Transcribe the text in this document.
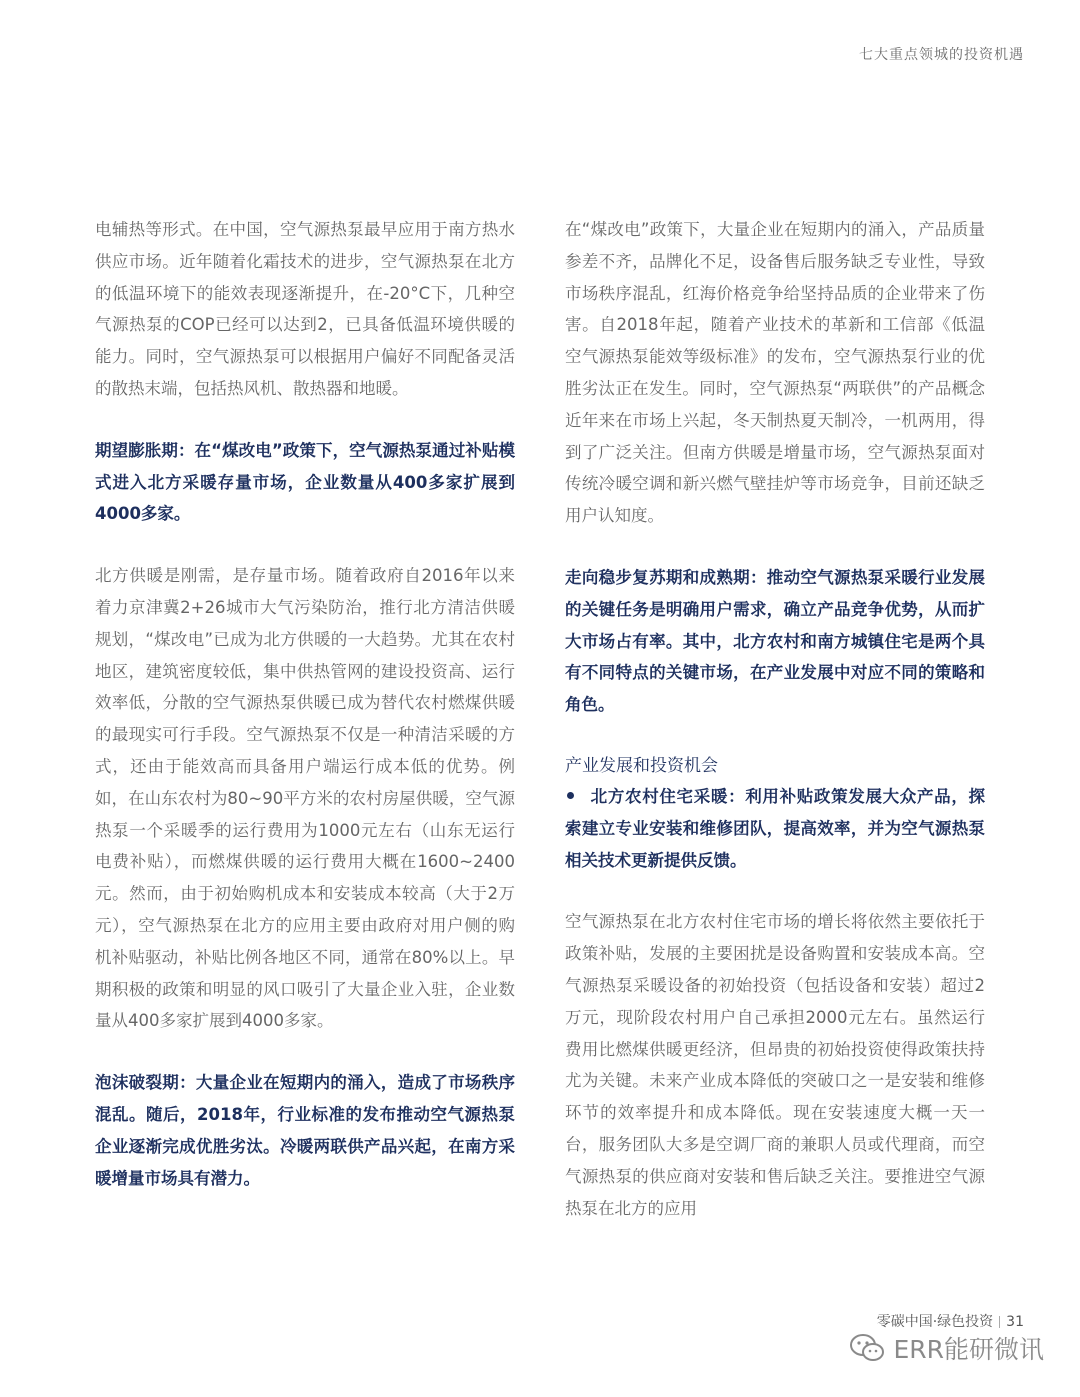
七大重点领城的投资机遇

电辅热等形式。在中国，空气源热泵最早应用于南方热水供应市场。近年随着化霜技术的进步，空气源热泵在北方的低温环境下的能效表现逐渐提升，在-20°C下，几种空气源热泵的COP已经可以达到2，已具备低温环境供暖的能力。同时，空气源热泵可以根据用户偏好不同配备灵活的散热末端，包括热风机、散热器和地暖。

期望膨胀期：在“煤改电”政策下，空气源热泵通过补贴模式进入北方采暖存量市场，企业数量从400多家扩展到4000多家。

北方供暖是刚需，是存量市场。随着政府自2016年以来着力京津冀2+26城市大气污染防治，推行北方清洁供暖规划，“煤改电”已成为北方供暖的一大趋势。尤其在农村地区，建筑密度较低，集中供热管网的建设投资高、运行效率低，分散的空气源热泵供暖已成为替代农村燃煤供暖的最现实可行手段。空气源热泵不仅是一种清洁采暖的方式，还由于能效高而具备用户端运行成本低的优势。例如，在山东农村为80~90平方米的农村房屋供暖，空气源热泵一个采暖季的运行费用为1000元左右（山东无运行电费补贴），而燃煤供暖的运行费用大概在1600~2400元。然而，由于初始购机成本和安装成本较高（大于2万元），空气源热泵在北方的应用主要由政府对用户侧的购机补贴驱动，补贴比例各地区不同，通常在80%以上。早期积极的政策和明显的风口吸引了大量企业入驻，企业数量从400多家扩展到4000多家。

泡沫破裂期：大量企业在短期内的涌入，造成了市场秩序混乱。随后，2018年，行业标准的发布推动空气源热泵企业逐渐完成优胜劣汰。冷暖两联供产品兴起，在南方采暖增量市场具有潜力。

在“煤改电”政策下，大量企业在短期内的涌入，产品质量参差不齐，品牌化不足，设备售后服务缺乏专业性，导致市场秩序混乱，红海价格竞争给坚持品质的企业带来了伤害。自2018年起，随着产业技术的革新和工信部《低温空气源热泵能效等级标准》的发布，空气源热泵行业的优胜劣汰正在发生。同时，空气源热泵“两联供”的产品概念近年来在市场上兴起，冬天制热夏天制冷，一机两用，得到了广泛关注。但南方供暖是增量市场，空气源热泵面对传统冷暖空调和新兴燃气壁挂炉等市场竞争，目前还缺乏用户认知度。

走向稳步复苏期和成熟期：推动空气源热泵采暖行业发展的关键任务是明确用户需求，确立产品竞争优势，从而扩大市场占有率。其中，北方农村和南方城镇住宅是两个具有不同特点的关键市场，在产业发展中对应不同的策略和角色。

产业发展和投资机会

北方农村住宅采暖：利用补贴政策发展大众产品，探索建立专业安装和维修团队，提高效率，并为空气源热泵相关技术更新提供反馈。

空气源热泵在北方农村住宅市场的增长将依然主要依托于政策补贴，发展的主要困扰是设备购置和安装成本高。空气源热泵采暖设备的初始投资（包括设备和安装）超过2万元，现阶段农村用户自己承担2000元左右。虽然运行费用比燃煤供暖更经济，但昂贵的初始投资使得政策扶持尤为关键。未来产业成本降低的突破口之一是安装和维修环节的效率提升和成本降低。现在安装速度大概一天一台，服务团队大多是空调厂商的兼职人员或代理商，而空气源热泵的供应商对安装和售后缺乏关注。要推进空气源热泵在北方的应用

零碳中国·绿色投资 31
ERR能研微讯
